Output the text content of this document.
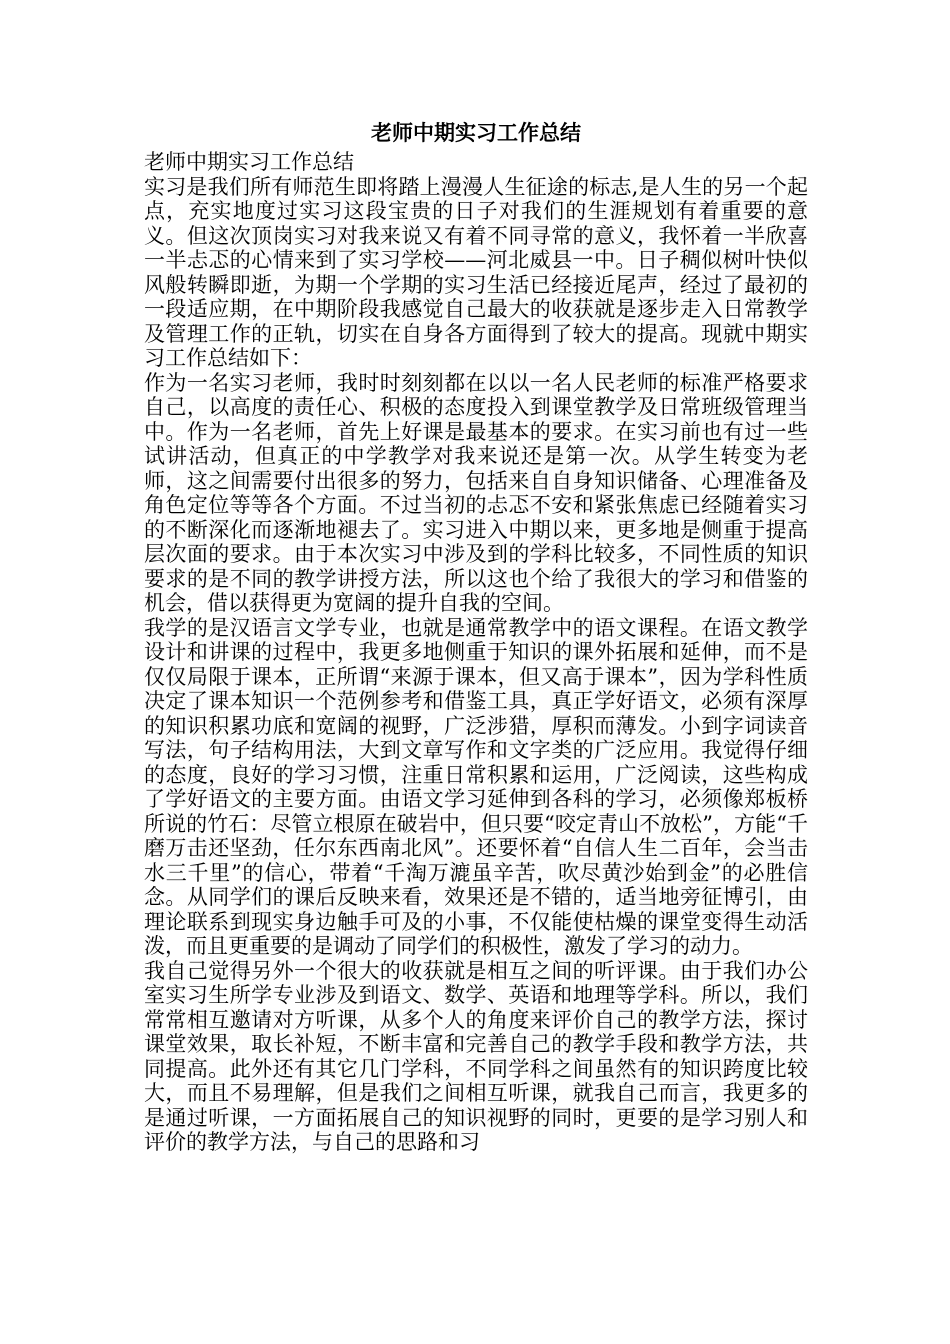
老师中期实习工作总结

老师中期实习工作总结

实习是我们所有师范生即将踏上漫漫人生征途的标志,是人生的另一个起点，充实地度过实习这段宝贵的日子对我们的生涯规划有着重要的意义。但这次顶岗实习对我来说又有着不同寻常的意义，我怀着一半欣喜一半忐忑的心情来到了实习学校——河北威县一中。日子稠似树叶快似风般转瞬即逝，为期一个学期的实习生活已经接近尾声，经过了最初的一段适应期，在中期阶段我感觉自己最大的收获就是逐步走入日常教学及管理工作的正轨，切实在自身各方面得到了较大的提高。现就中期实习工作总结如下：

作为一名实习老师，我时时刻刻都在以以一名人民老师的标准严格要求自己，以高度的责任心、积极的态度投入到课堂教学及日常班级管理当中。作为一名老师，首先上好课是最基本的要求。在实习前也有过一些试讲活动，但真正的中学教学对我来说还是第一次。从学生转变为老师，这之间需要付出很多的努力，包括来自自身知识储备、心理准备及角色定位等等各个方面。不过当初的忐忑不安和紧张焦虑已经随着实习的不断深化而逐渐地褪去了。实习进入中期以来，更多地是侧重于提高层次面的要求。由于本次实习中涉及到的学科比较多，不同性质的知识要求的是不同的教学讲授方法，所以这也个给了我很大的学习和借鉴的机会，借以获得更为宽阔的提升自我的空间。

我学的是汉语言文学专业，也就是通常教学中的语文课程。在语文教学设计和讲课的过程中，我更多地侧重于知识的课外拓展和延伸，而不是仅仅局限于课本，正所谓“来源于课本，但又高于课本”，因为学科性质决定了课本知识一个范例参考和借鉴工具，真正学好语文，必须有深厚的知识积累功底和宽阔的视野，广泛涉猎，厚积而薄发。小到字词读音写法，句子结构用法，大到文章写作和文字类的广泛应用。我觉得仔细的态度，良好的学习习惯，注重日常积累和运用，广泛阅读，这些构成了学好语文的主要方面。由语文学习延伸到各科的学习，必须像郑板桥所说的竹石：尽管立根原在破岩中，但只要“咬定青山不放松”，方能“千磨万击还坚劲，任尔东西南北风”。还要怀着“自信人生二百年，会当击水三千里”的信心，带着“千淘万漉虽辛苦，吹尽黄沙始到金”的必胜信念。从同学们的课后反映来看，效果还是不错的，适当地旁征博引，由理论联系到现实身边触手可及的小事，不仅能使枯燥的课堂变得生动活泼，而且更重要的是调动了同学们的积极性，激发了学习的动力。

我自己觉得另外一个很大的收获就是相互之间的听评课。由于我们办公室实习生所学专业涉及到语文、数学、英语和地理等学科。所以，我们常常相互邀请对方听课，从多个人的角度来评价自己的教学方法，探讨课堂效果，取长补短，不断丰富和完善自己的教学手段和教学方法，共同提高。此外还有其它几门学科，不同学科之间虽然有的知识跨度比较大，而且不易理解，但是我们之间相互听课，就我自己而言，我更多的是通过听课，一方面拓展自己的知识视野的同时，更要的是学习别人和评价的教学方法，与自己的思路和习
